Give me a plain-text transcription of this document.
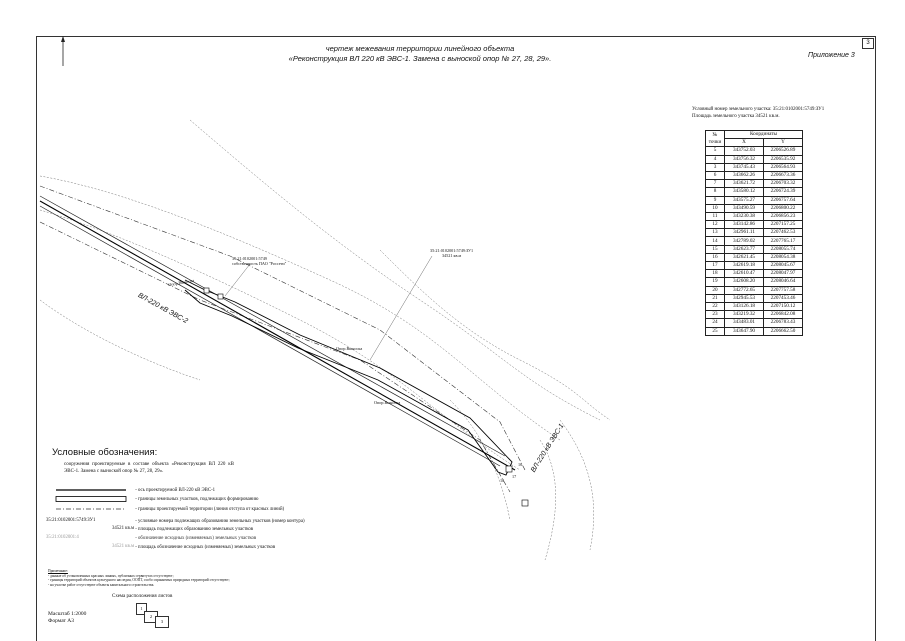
3
чертеж межевания территории линейного объекта
«Реконструкция ВЛ 220 кВ ЭВС-1. Замена с выноской опор № 27, 28, 29».	Приложение 3
ВЛ-220 кВ ЭВС-2
ВЛ-220 кВ ЭВС-1
35:21:0102001:5749
собственность ПАО "Россети"
35:21:0102001:5749:ЗУ1
34521 кв.м
Опор.Выноска
Опор.Выноска
Опор.Выноска
16
17
18
Условный номер земельного участка: 35:21:0102001:5749:ЗУ1
Площадь земельного участка 34521 кв.м.
№ точки	Координаты	
	X	Y
5	343752.03	2206526.89
4	343756.32	2206535.92
3	343745.43	2206564.93
6	343662.26	2206673.36
7	343621.72	2206703.32
8	343580.12	2206724.39
9	343575.27	2206757.64
10	343490.59	2206800.22
11	343230.38	2206856.23
12	343142.86	2207157.25
13	342961.11	2207462.53
14	342789.02	2207765.17
15	342623.77	2208055.74
16	342621.45	2208054.38
17	342619.18	2208045.67
18	342610.47	2208047.97
19	342608.20	2208046.64
20	342772.65	2207757.58
21	342945.53	2207453.46
22	343126.18	2207150.12
23	343219.32	2206842.08
24	343483.01	2206783.43
25	343647.90	2206662.50
Условные обозначения:
сооружения проектируемые в составе объекта «Реконструкция ВЛ 220 кВ ЭВС-1. Замена с выноской опор № 27, 28, 29».
- ось проектируемой ВЛ-220 кВ ЭВС-1
- границы земельных участков, подлежащих формированию
- границы проектируемой территории (линия отступа от красных линий)
35:21:0102001:5749:ЗУ1	- условные номера подлежащих образованию земельных участков (номер контура)
34521 кв.м - площадь подлежащих образованию земельных участков
35:21:0102001:4	- обозначение исходных (изменяемых) земельных участков
34521 кв.м - площадь обозначение исходных (изменяемых) земельных участков
Примечание:
- данные об установленных красных линиях, публичных сервитутах отсутствуют;
- границы территорий объектов культурного наследия, ООПТ, особо охраняемых природных территорий отсутствуют;
- на участке работ отсутствуют объекты капитального строительства.
Схема расположения листов
1
2
3
Масштаб 1:2000
Формат А3
